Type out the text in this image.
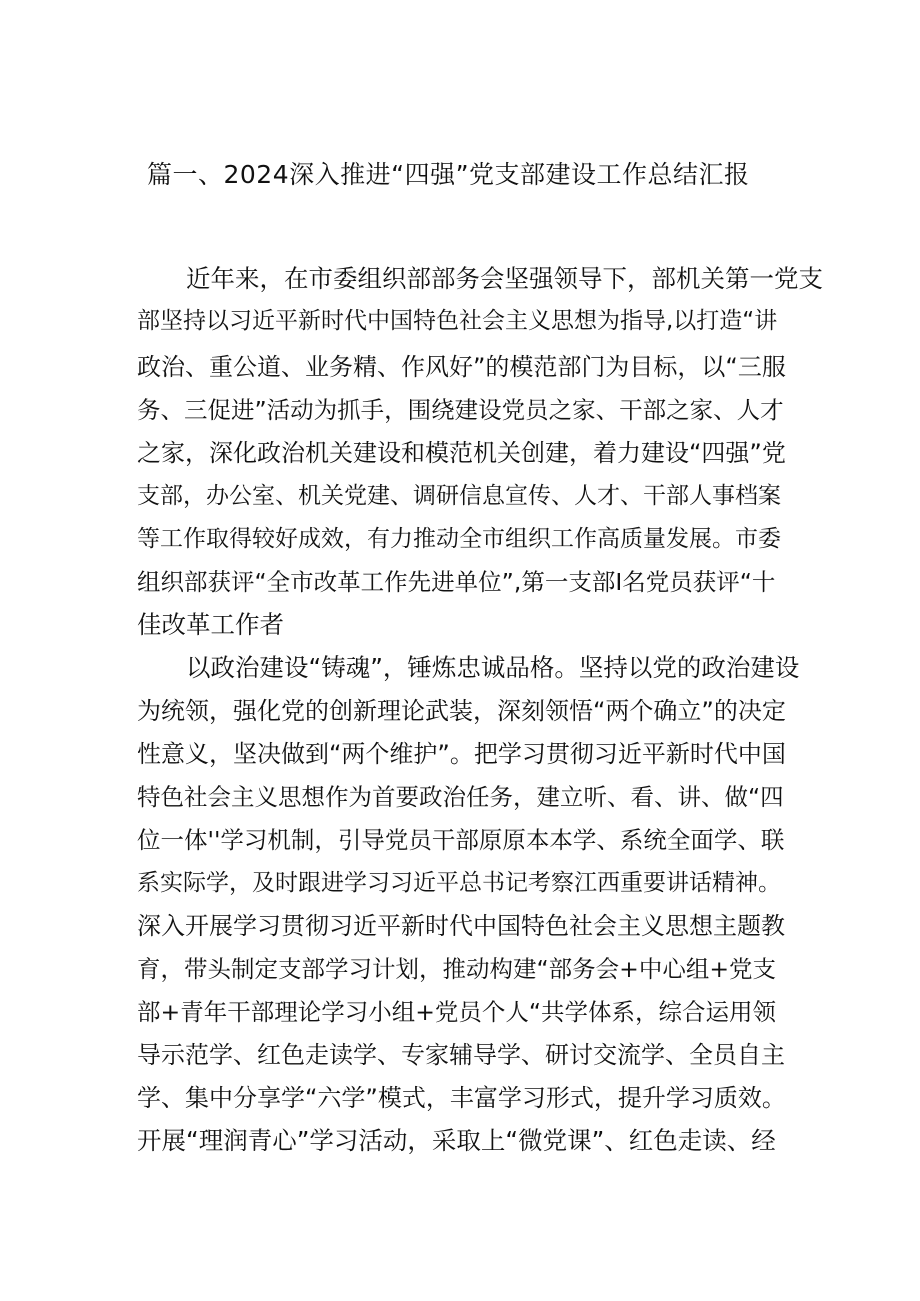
篇一、2024深入推进“四强”党支部建设工作总结汇报
近年来，在市委组织部部务会坚强领导下，部机关第一党支
部坚持以习近平新时代中国特色社会主义思想为指导,以打造“讲
政治、重公道、业务精、作风好”的模范部门为目标，以“三服
务、三促进”活动为抓手，围绕建设党员之家、干部之家、人才
之家，深化政治机关建设和模范机关创建，着力建设“四强”党
支部，办公室、机关党建、调研信息宣传、人才、干部人事档案
等工作取得较好成效，有力推动全市组织工作高质量发展。市委
组织部获评“全市改革工作先进单位”,第一支部I名党员获评“十
佳改革工作者
以政治建设“铸魂”，锤炼忠诚品格。坚持以党的政治建设
为统领，强化党的创新理论武装，深刻领悟“两个确立”的决定
性意义，坚决做到“两个维护”。把学习贯彻习近平新时代中国
特色社会主义思想作为首要政治任务，建立听、看、讲、做“四
位一体''学习机制，引导党员干部原原本本学、系统全面学、联
系实际学，及时跟进学习习近平总书记考察江西重要讲话精神。
深入开展学习贯彻习近平新时代中国特色社会主义思想主题教
育，带头制定支部学习计划，推动构建“部务会+中心组+党支
部+青年干部理论学习小组+党员个人“共学体系，综合运用领
导示范学、红色走读学、专家辅导学、研讨交流学、全员自主
学、集中分享学“六学”模式，丰富学习形式，提升学习质效。
开展“理润青心”学习活动，采取上“微党课”、红色走读、经
